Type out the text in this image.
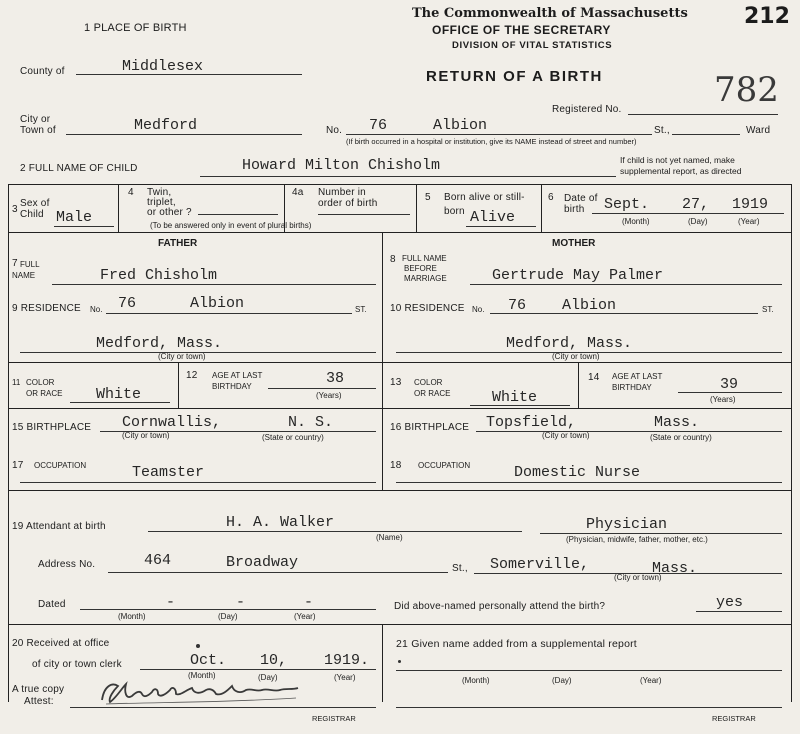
1 PLACE OF BIRTH
The Commonwealth of Massachusetts
OFFICE OF THE SECRETARY
DIVISION OF VITAL STATISTICS
212
RETURN OF A BIRTH	782
Registered No.
County of	Middlesex
City or
Town of	Medford	No. 76	Albion	St.,	Ward
(If birth occurred in a hospital or institution, give its NAME instead of street and number)
2 FULL NAME OF CHILD	Howard Milton Chisholm	If child is not yet named, make
supplemental report, as directed
3
Sex of
Child Male
4 Twin,
triplet,
or other ?
4a Number in
order of birth
(To be answered only in event of plural births)
5 Born alive or still-
born Alive
6 Date of
birth Sept. 27, 1919
(Month)	(Day)	(Year)
FATHER
7 FULL
NAME	Fred Chisholm
9 RESIDENCE No. 76	Albion	ST.
Medford, Mass.
(City or town)
11 COLOR
OR RACE White
12 AGE AT LAST
BIRTHDAY	38
(Years)
15 BIRTHPLACE Cornwallis,	N. S.
(City or town)	(State or country)
17 OCCUPATION	Teamster
MOTHER
8 FULL NAME
BEFORE
MARRIAGE	Gertrude May Palmer
10 RESIDENCE No. 76 Albion	ST.
Medford, Mass.
(City or town)
13 COLOR
OR RACE	White
14 AGE AT LAST
BIRTHDAY	39
(Years)
16 BIRTHPLACE Topsfield,	Mass.
(City or town)	(State or country)
18 OCCUPATION	Domestic Nurse
19 Attendant at birth	H. A. Walker
(Name)
Physician
(Physician, midwife, father, mother, etc.)
Address No.	464	Broadway	St., Somerville,	Mass.
(City or town)
Dated	-	-	-
(Month)	(Day)	(Year)
Did above-named personally attend the birth?	yes
20 Received at office
of city or town clerk	Oct. 10, 1919.
(Month)	(Day)	(Year)
A true copy
Attest:
REGISTRAR
21 Given name added from a supplemental report
(Month)	(Day)	(Year)
REGISTRAR
